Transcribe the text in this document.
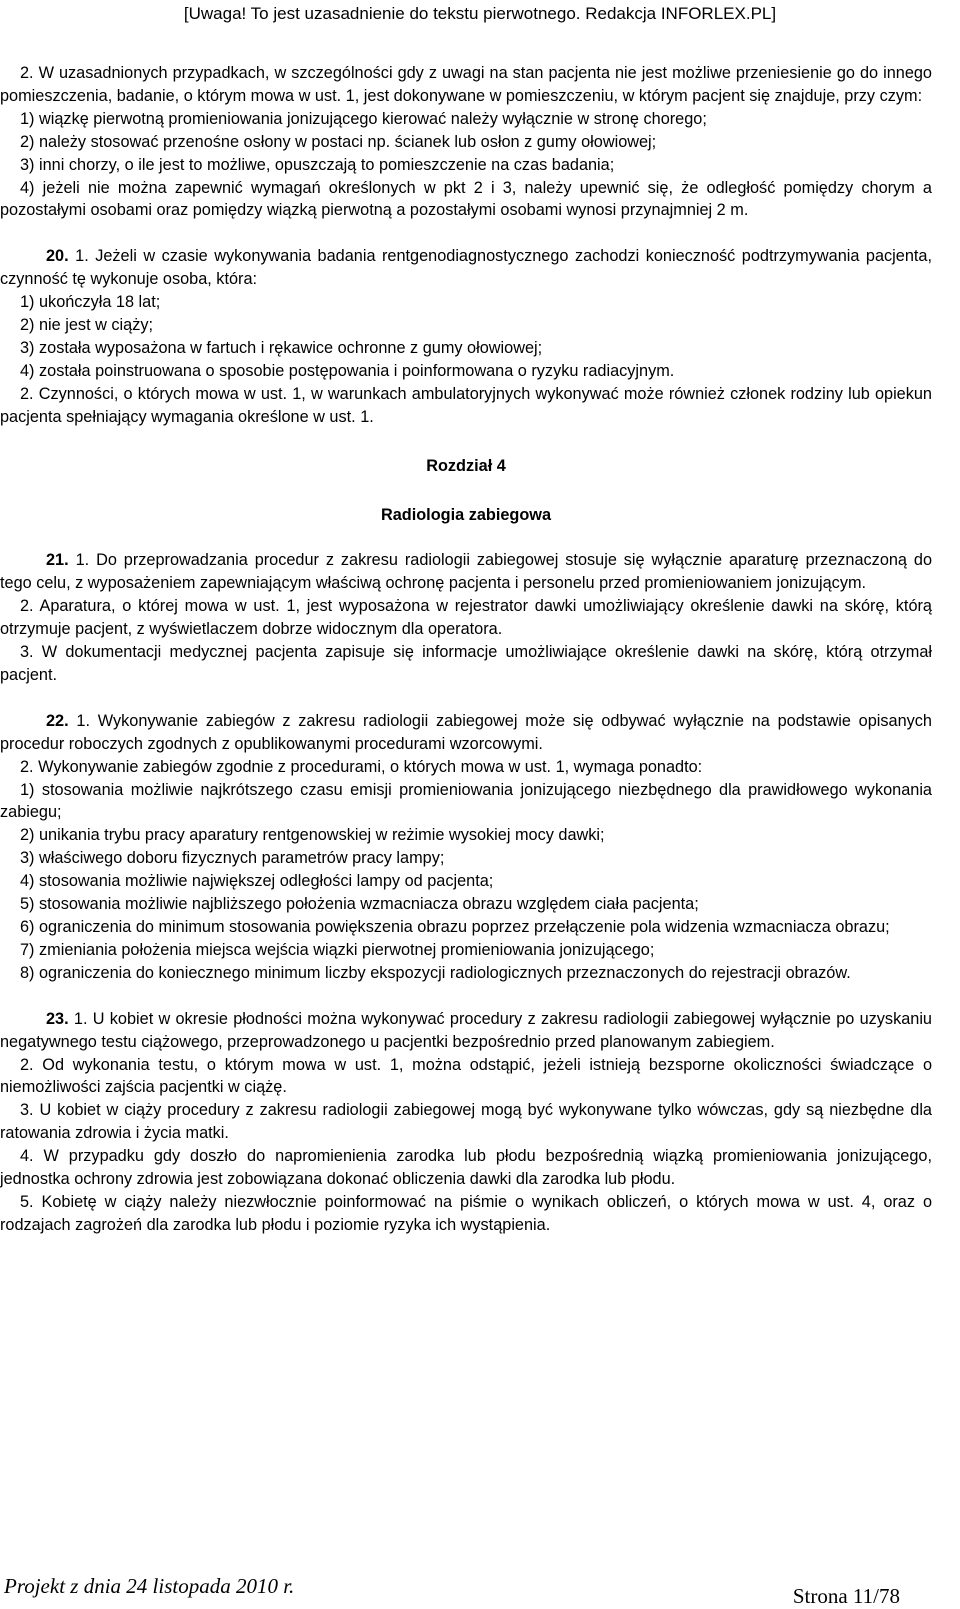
[Uwaga! To jest uzasadnienie do tekstu pierwotnego. Redakcja INFORLEX.PL]

2. W uzasadnionych przypadkach, w szczególności gdy z uwagi na stan pacjenta nie jest możliwe przeniesienie go do innego pomieszczenia, badanie, o którym mowa w ust. 1, jest dokonywane w pomieszczeniu, w którym pacjent się znajduje, przy czym:

1) wiązkę pierwotną promieniowania jonizującego kierować należy wyłącznie w stronę chorego;

2) należy stosować przenośne osłony w postaci np. ścianek lub osłon z gumy ołowiowej;

3) inni chorzy, o ile jest to możliwe, opuszczają to pomieszczenie na czas badania;

4) jeżeli nie można zapewnić wymagań określonych w pkt 2 i 3, należy upewnić się, że odległość pomiędzy chorym a pozostałymi osobami oraz pomiędzy wiązką pierwotną a pozostałymi osobami wynosi przynajmniej 2 m.

20. 1. Jeżeli w czasie wykonywania badania rentgenodiagnostycznego zachodzi konieczność podtrzymywania pacjenta, czynność tę wykonuje osoba, która:

1) ukończyła 18 lat;

2) nie jest w ciąży;

3) została wyposażona w fartuch i rękawice ochronne z gumy ołowiowej;

4) została poinstruowana o sposobie postępowania i poinformowana o ryzyku radiacyjnym.

2. Czynności, o których mowa w ust. 1, w warunkach ambulatoryjnych wykonywać może również członek rodziny lub opiekun pacjenta spełniający wymagania określone w ust. 1.

Rozdział 4

Radiologia zabiegowa

21. 1. Do przeprowadzania procedur z zakresu radiologii zabiegowej stosuje się wyłącznie aparaturę przeznaczoną do tego celu, z wyposażeniem zapewniającym właściwą ochronę pacjenta i personelu przed promieniowaniem jonizującym.

2. Aparatura, o której mowa w ust. 1, jest wyposażona w rejestrator dawki umożliwiający określenie dawki na skórę, którą otrzymuje pacjent, z wyświetlaczem dobrze widocznym dla operatora.

3. W dokumentacji medycznej pacjenta zapisuje się informacje umożliwiające określenie dawki na skórę, którą otrzymał pacjent.

22. 1. Wykonywanie zabiegów z zakresu radiologii zabiegowej może się odbywać wyłącznie na podstawie opisanych procedur roboczych zgodnych z opublikowanymi procedurami wzorcowymi.

2. Wykonywanie zabiegów zgodnie z procedurami, o których mowa w ust. 1, wymaga ponadto:

1) stosowania możliwie najkrótszego czasu emisji promieniowania jonizującego niezbędnego dla prawidłowego wykonania zabiegu;

2) unikania trybu pracy aparatury rentgenowskiej w reżimie wysokiej mocy dawki;

3) właściwego doboru fizycznych parametrów pracy lampy;

4) stosowania możliwie największej odległości lampy od pacjenta;

5) stosowania możliwie najbliższego położenia wzmacniacza obrazu względem ciała pacjenta;

6) ograniczenia do minimum stosowania powiększenia obrazu poprzez przełączenie pola widzenia wzmacniacza obrazu;

7) zmieniania położenia miejsca wejścia wiązki pierwotnej promieniowania jonizującego;

8) ograniczenia do koniecznego minimum liczby ekspozycji radiologicznych przeznaczonych do rejestracji obrazów.

23. 1. U kobiet w okresie płodności można wykonywać procedury z zakresu radiologii zabiegowej wyłącznie po uzyskaniu negatywnego testu ciążowego, przeprowadzonego u pacjentki bezpośrednio przed planowanym zabiegiem.

2. Od wykonania testu, o którym mowa w ust. 1, można odstąpić, jeżeli istnieją bezsporne okoliczności świadczące o niemożliwości zajścia pacjentki w ciążę.

3. U kobiet w ciąży procedury z zakresu radiologii zabiegowej mogą być wykonywane tylko wówczas, gdy są niezbędne dla ratowania zdrowia i życia matki.

4. W przypadku gdy doszło do napromienienia zarodka lub płodu bezpośrednią wiązką promieniowania jonizującego, jednostka ochrony zdrowia jest zobowiązana dokonać obliczenia dawki dla zarodka lub płodu.

5. Kobietę w ciąży należy niezwłocznie poinformować na piśmie o wynikach obliczeń, o których mowa w ust. 4, oraz o rodzajach zagrożeń dla zarodka lub płodu i poziomie ryzyka ich wystąpienia.

Projekt z dnia 24 listopada 2010 r.	Strona 11/78
